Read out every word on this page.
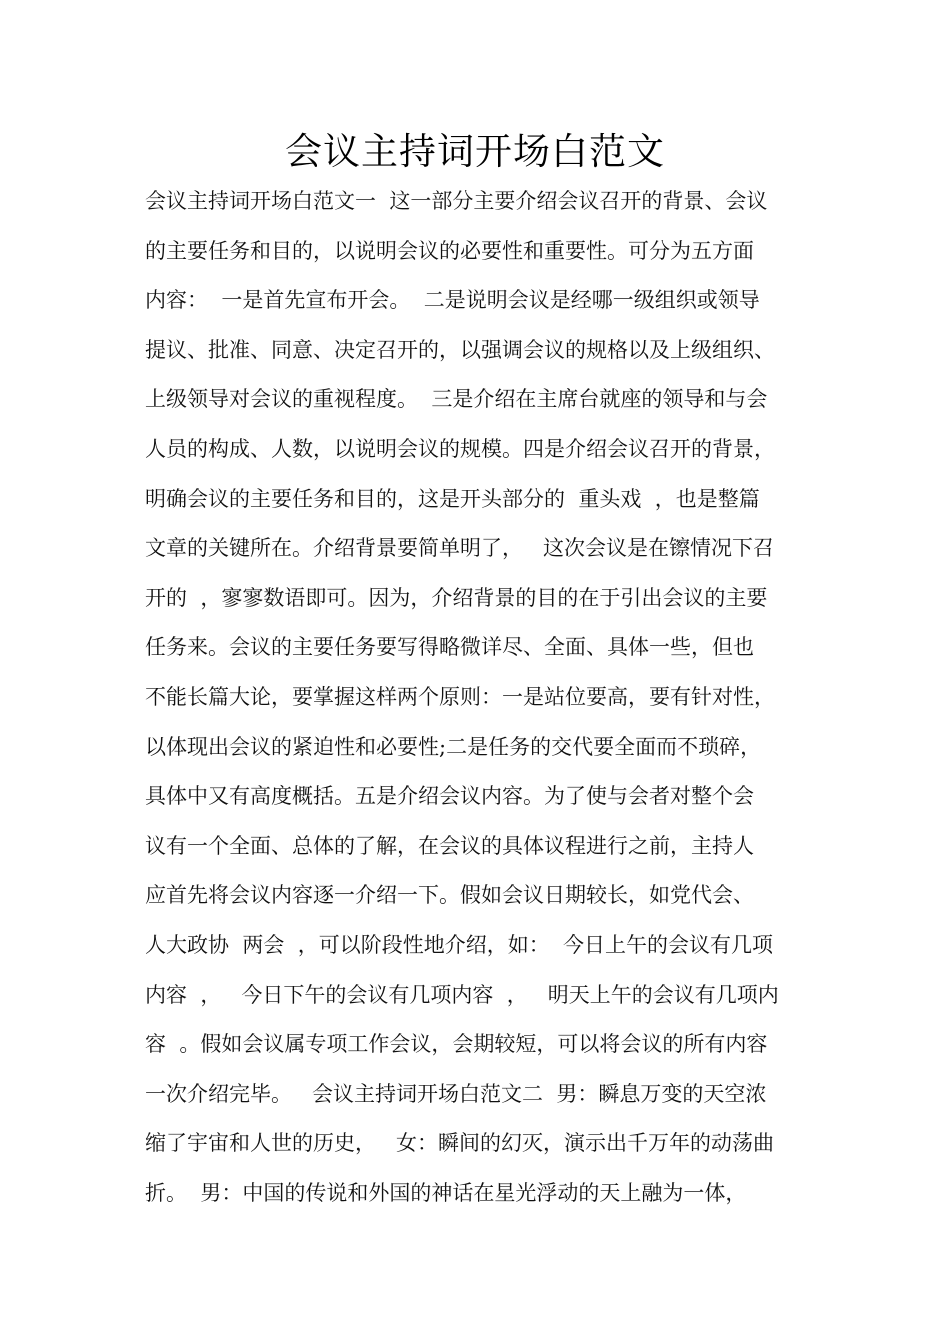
会议主持词开场白范文
会议主持词开场白范文一  这一部分主要介绍会议召开的背景、会议
的主要任务和目的，以说明会议的必要性和重要性。可分为五方面
内容：  一是首先宣布开会。  二是说明会议是经哪一级组织或领导
提议、批准、同意、决定召开的，以强调会议的规格以及上级组织、
上级领导对会议的重视程度。  三是介绍在主席台就座的领导和与会
人员的构成、人数，以说明会议的规模。四是介绍会议召开的背景，
明确会议的主要任务和目的，这是开头部分的  重头戏  ，也是整篇
文章的关键所在。介绍背景要简单明了，   这次会议是在镲情况下召
开的  ，寥寥数语即可。因为，介绍背景的目的在于引出会议的主要
任务来。会议的主要任务要写得略微详尽、全面、具体一些，但也
不能长篇大论，要掌握这样两个原则：一是站位要高，要有针对性，
以体现出会议的紧迫性和必要性;二是任务的交代要全面而不琐碎，
具体中又有高度概括。五是介绍会议内容。为了使与会者对整个会
议有一个全面、总体的了解，在会议的具体议程进行之前，主持人
应首先将会议内容逐一介绍一下。假如会议日期较长，如党代会、
人大政协  两会  ，可以阶段性地介绍，如：  今日上午的会议有几项
内容  ，   今日下午的会议有几项内容  ，   明天上午的会议有几项内
容  。假如会议属专项工作会议，会期较短，可以将会议的所有内容
一次介绍完毕。   会议主持词开场白范文二  男：瞬息万变的天空浓
缩了宇宙和人世的历史，   女：瞬间的幻灭，演示出千万年的动荡曲
折。  男：中国的传说和外国的神话在星光浮动的天上融为一体，
